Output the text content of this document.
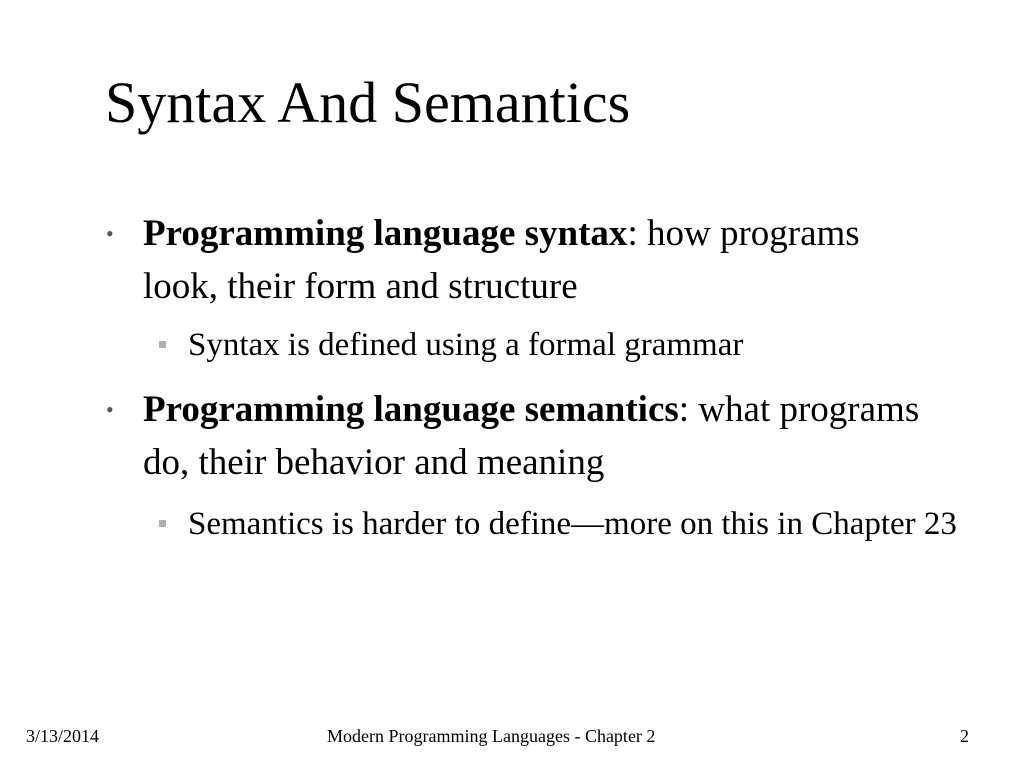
Syntax And Semantics
• Programming language syntax: how programs look, their form and structure
Syntax is defined using a formal grammar
• Programming language semantics: what programs do, their behavior and meaning
Semantics is harder to define—more on this in Chapter 23
3/13/2014	Modern Programming Languages - Chapter 2	2
